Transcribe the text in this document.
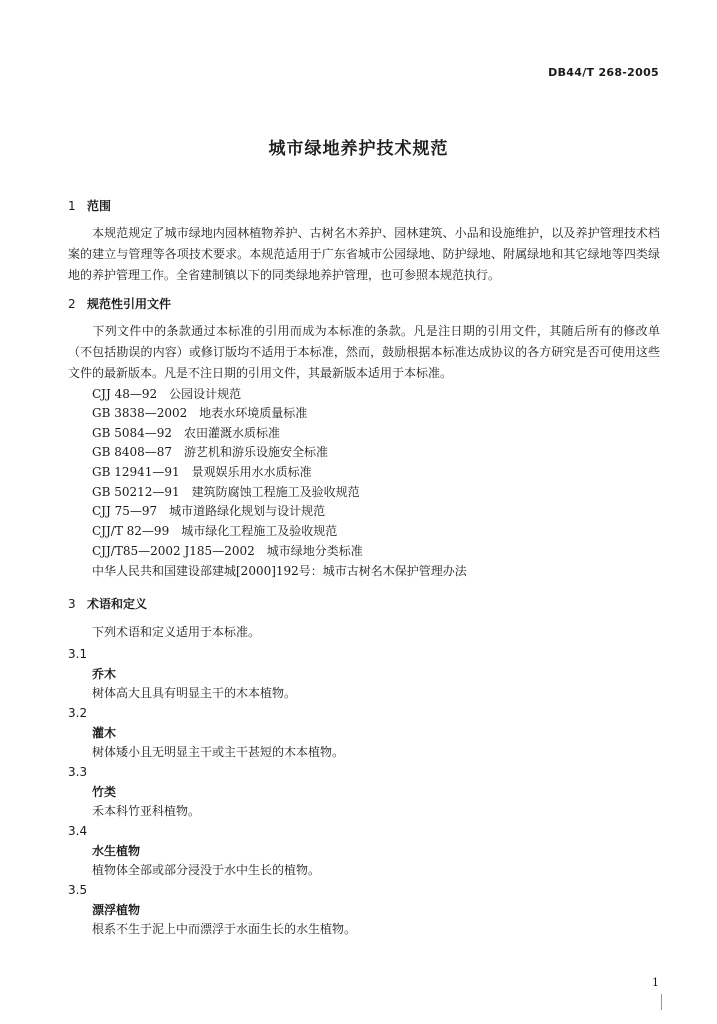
DB44/T 268-2005
城市绿地养护技术规范
1 范围
本规范规定了城市绿地内园林植物养护、古树名木养护、园林建筑、小品和设施维护，以及养护管理技术档案的建立与管理等各项技术要求。本规范适用于广东省城市公园绿地、防护绿地、附属绿地和其它绿地等四类绿地的养护管理工作。全省建制镇以下的同类绿地养护管理，也可参照本规范执行。
2 规范性引用文件
下列文件中的条款通过本标准的引用而成为本标准的条款。凡是注日期的引用文件，其随后所有的修改单（不包括勘误的内容）或修订版均不适用于本标准，然而，鼓励根据本标准达成协议的各方研究是否可使用这些文件的最新版本。凡是不注日期的引用文件，其最新版本适用于本标准。
CJJ 48—92　公园设计规范
GB 3838—2002　地表水环境质量标准
GB 5084—92　农田灌溉水质标准
GB 8408—87　游艺机和游乐设施安全标准
GB 12941—91　景观娱乐用水水质标准
GB 50212—91　建筑防腐蚀工程施工及验收规范
CJJ 75—97　城市道路绿化规划与设计规范
CJJ/T 82—99　城市绿化工程施工及验收规范
CJJ/T85—2002 J185—2002　城市绿地分类标准
中华人民共和国建设部建城[2000]192号：城市古树名木保护管理办法
3 术语和定义
下列术语和定义适用于本标准。
3.1
乔木
树体高大且具有明显主干的木本植物。
3.2
灌木
树体矮小且无明显主干或主干甚短的木本植物。
3.3
竹类
禾本科竹亚科植物。
3.4
水生植物
植物体全部或部分浸没于水中生长的植物。
3.5
漂浮植物
根系不生于泥上中而漂浮于水面生长的水生植物。
1
